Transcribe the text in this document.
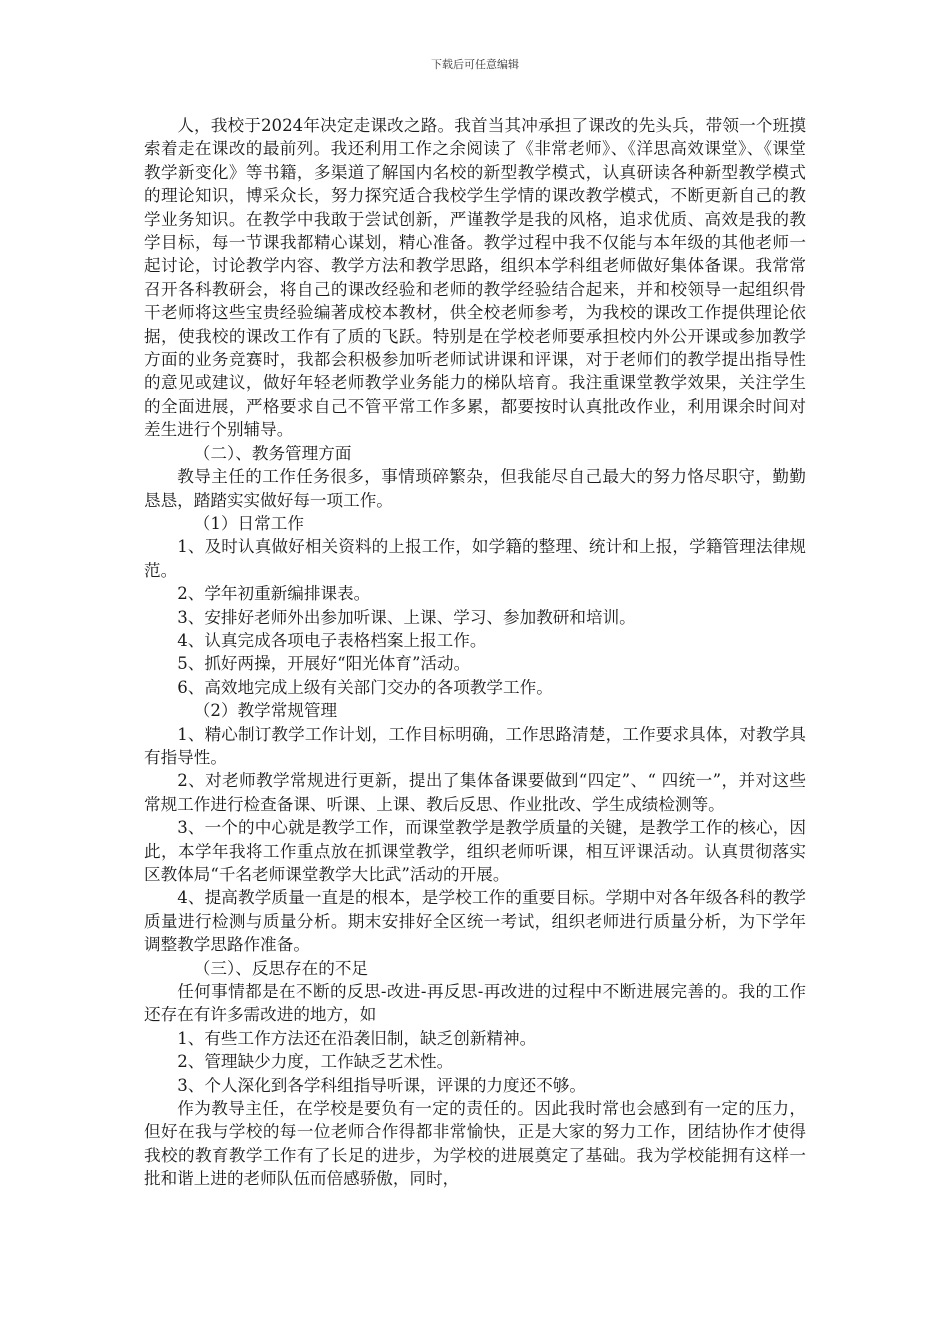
下载后可任意编辑

人，我校于2024年决定走课改之路。我首当其冲承担了课改的先头兵，带领一个班摸索着走在课改的最前列。我还利用工作之余阅读了《非常老师》、《洋思高效课堂》、《课堂教学新变化》等书籍，多渠道了解国内名校的新型教学模式，认真研读各种新型教学模式的理论知识，博采众长，努力探究适合我校学生学情的课改教学模式，不断更新自己的教学业务知识。在教学中我敢于尝试创新，严谨教学是我的风格，追求优质、高效是我的教学目标，每一节课我都精心谋划，精心准备。教学过程中我不仅能与本年级的其他老师一起讨论，讨论教学内容、教学方法和教学思路，组织本学科组老师做好集体备课。我常常召开各科教研会，将自己的课改经验和老师的教学经验结合起来，并和校领导一起组织骨干老师将这些宝贵经验编著成校本教材，供全校老师参考，为我校的课改工作提供理论依据，使我校的课改工作有了质的飞跃。特别是在学校老师要承担校内外公开课或参加教学方面的业务竞赛时，我都会积极参加听老师试讲课和评课，对于老师们的教学提出指导性的意见或建议，做好年轻老师教学业务能力的梯队培育。我注重课堂教学效果，关注学生的全面进展，严格要求自己不管平常工作多累，都要按时认真批改作业，利用课余时间对差生进行个别辅导。

（二）、教务管理方面

教导主任的工作任务很多，事情琐碎繁杂，但我能尽自己最大的努力恪尽职守，勤勤恳恳，踏踏实实做好每一项工作。

（1）日常工作

1、及时认真做好相关资料的上报工作，如学籍的整理、统计和上报，学籍管理法律规范。

2、学年初重新编排课表。

3、安排好老师外出参加听课、上课、学习、参加教研和培训。

4、认真完成各项电子表格档案上报工作。

5、抓好两操，开展好“阳光体育”活动。

6、高效地完成上级有关部门交办的各项教学工作。

（2）教学常规管理

1、精心制订教学工作计划，工作目标明确，工作思路清楚，工作要求具体，对教学具有指导性。

2、对老师教学常规进行更新，提出了集体备课要做到“四定”、“ 四统一”，并对这些常规工作进行检查备课、听课、上课、教后反思、作业批改、学生成绩检测等。

3、一个的中心就是教学工作，而课堂教学是教学质量的关键，是教学工作的核心，因此，本学年我将工作重点放在抓课堂教学，组织老师听课，相互评课活动。认真贯彻落实区教体局“千名老师课堂教学大比武”活动的开展。

4、提高教学质量一直是的根本，是学校工作的重要目标。学期中对各年级各科的教学质量进行检测与质量分析。期末安排好全区统一考试，组织老师进行质量分析，为下学年调整教学思路作准备。

（三）、反思存在的不足

任何事情都是在不断的反思-改进-再反思-再改进的过程中不断进展完善的。我的工作还存在有许多需改进的地方，如

1、有些工作方法还在沿袭旧制，缺乏创新精神。

2、管理缺少力度，工作缺乏艺术性。

3、个人深化到各学科组指导听课，评课的力度还不够。

作为教导主任，在学校是要负有一定的责任的。因此我时常也会感到有一定的压力，但好在我与学校的每一位老师合作得都非常愉快，正是大家的努力工作，团结协作才使得我校的教育教学工作有了长足的进步，为学校的进展奠定了基础。我为学校能拥有这样一批和谐上进的老师队伍而倍感骄傲，同时，
